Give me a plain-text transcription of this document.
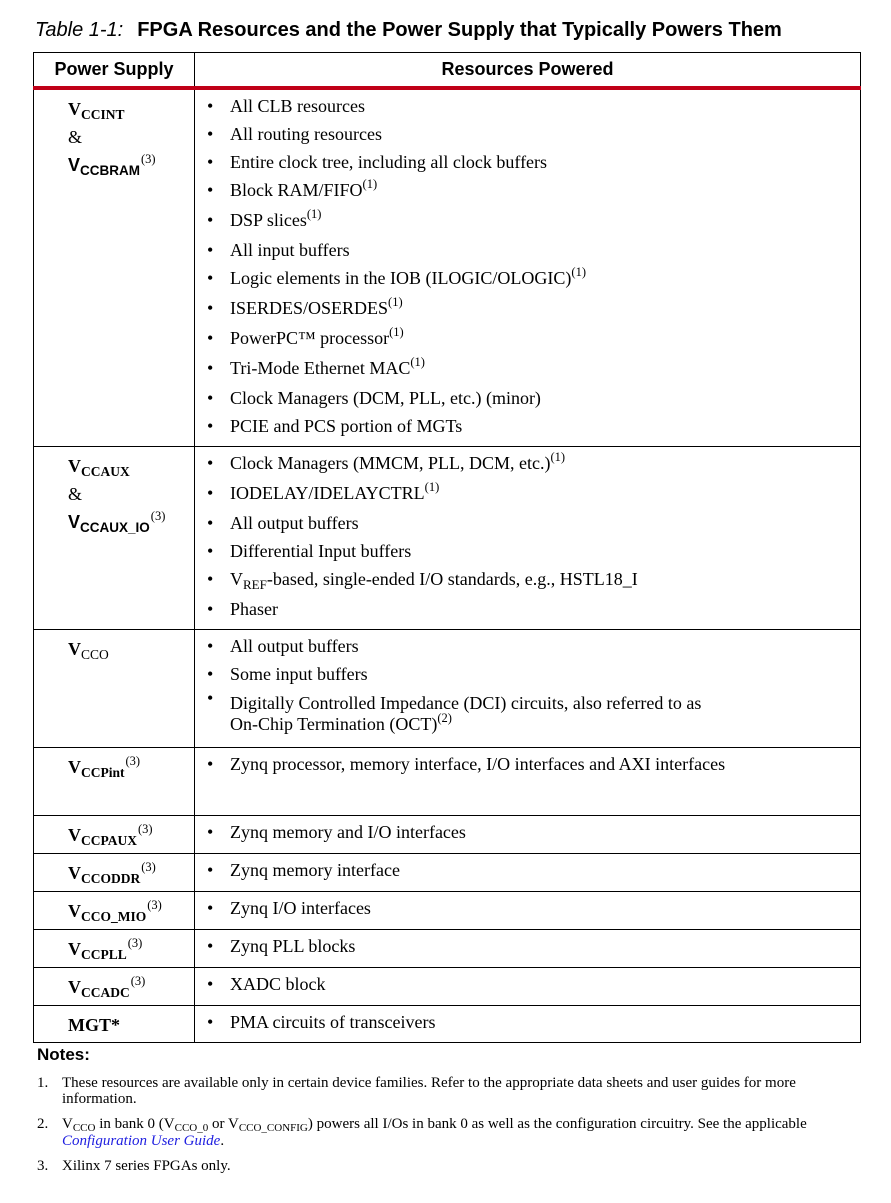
Table 1-1: FPGA Resources and the Power Supply that Typically Powers Them
Power Supply	Resources Powered

$V_{CCINT}$
&
$V_{CCBRAM}^{(3)}$

• All CLB resources
• All routing resources
• Entire clock tree, including all clock buffers
• Block RAM/FIFO$^{(1)}$
• DSP slices$^{(1)}$
• All input buffers
• Logic elements in the IOB (ILOGIC/OLOGIC)$^{(1)}$
• ISERDES/OSERDES$^{(1)}$
• PowerPC™ processor$^{(1)}$
• Tri-Mode Ethernet MAC$^{(1)}$
• Clock Managers (DCM, PLL, etc.) (minor)
• PCIE and PCS portion of MGTs

$V_{CCAUX}$
&
$V_{CCAUX\_IO}^{(3)}$

• Clock Managers (MMCM, PLL, DCM, etc.)$^{(1)}$
• IODELAY/IDELAYCTRL$^{(1)}$
• All output buffers
• Differential Input buffers
• $V_{REF}$-based, single-ended I/O standards, e.g., HSTL18_I
• Phaser

$V_{CCO}$

•All output buffers
• Some input buffers
• Digitally Controlled Impedance (DCI) circuits, also referred to as
On-Chip Termination (OCT)$^{(2)}$

$V_{CCPint}^{(3)}$

•Zynq processor, memory interface, I/O interfaces and AXI interfaces

$V_{CCPAUX}^{(3)}$

•Zynq memory and I/O interfaces

$V_{CCODDR}^{(3)}$

•Zynq memory interface

$V_{CCO\_MIO}^{(3)}$

•Zynq I/O interfaces

$V_{CCPLL}^{(3)}$

•Zynq PLL blocks

$V_{CCADC}^{(3)}$

•XADC block

MGT*

•PMA circuits of transceivers
Notes:
1. These resources are available only in certain device families. Refer to the appropriate data sheets and user guides for more information.
2. $V_{CCO}$ in bank 0 ($V_{CCO\_0}$ or $V_{CCO\_CONFIG}$) powers all I/Os in bank 0 as well as the configuration circuitry. See the applicable Configuration User Guide.
3. Xilinx 7 series FPGAs only.
